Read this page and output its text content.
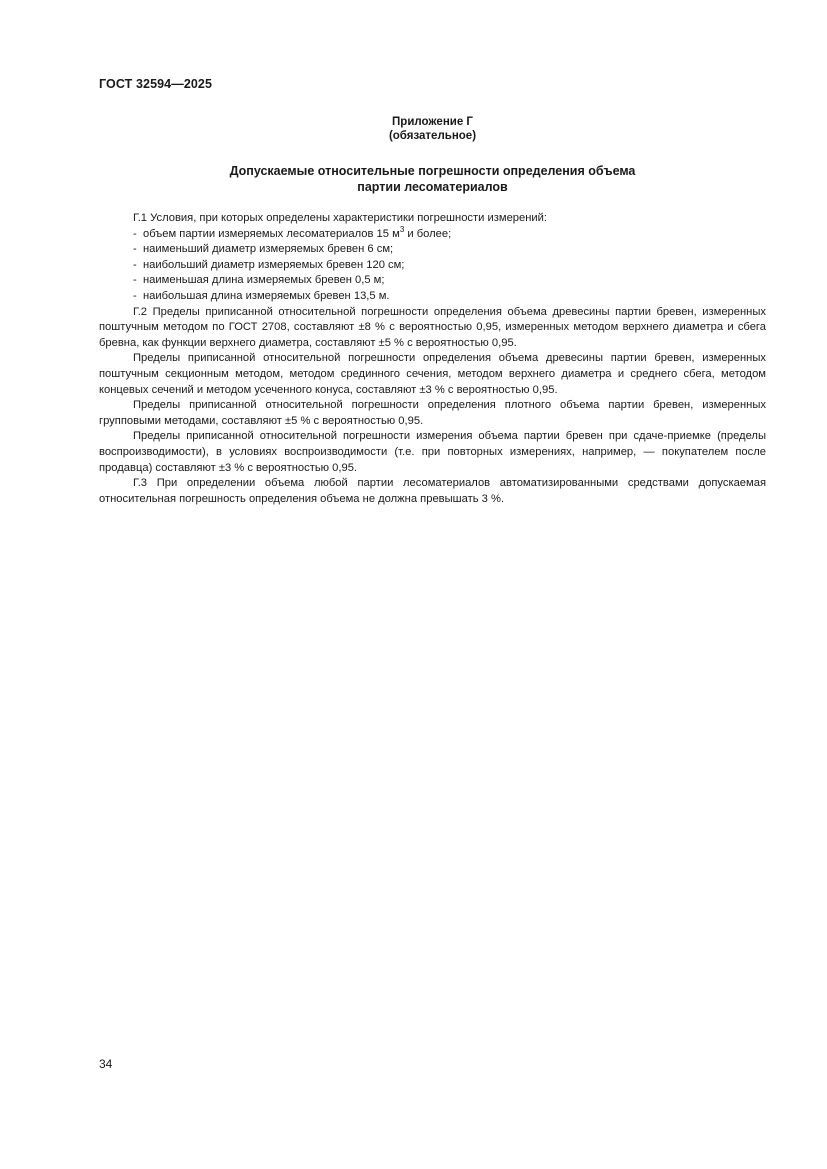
ГОСТ 32594—2025
Приложение Г
(обязательное)
Допускаемые относительные погрешности определения объема
партии лесоматериалов

Г.1 Условия, при которых определены характеристики погрешности измерений:

- объем партии измеряемых лесоматериалов 15 $м^3$ и более;

- наименьший диаметр измеряемых бревен 6 см;

- наибольший диаметр измеряемых бревен 120 см;

- наименьшая длина измеряемых бревен 0,5 м;

- наибольшая длина измеряемых бревен 13,5 м.

Г.2 Пределы приписанной относительной погрешности определения объема древесины партии бревен, измеренных поштучным методом по ГОСТ 2708, составляют ±8 % с вероятностью 0,95, измеренных методом верхнего диаметра и сбега бревна, как функции верхнего диаметра, составляют ±5 % с вероятностью 0,95.

Пределы приписанной относительной погрешности определения объема древесины партии бревен, измеренных поштучным секционным методом, методом срединного сечения, методом верхнего диаметра и среднего сбега, методом концевых сечений и методом усеченного конуса, составляют ±3 % с вероятностью 0,95.

Пределы приписанной относительной погрешности определения плотного объема партии бревен, измеренных групповыми методами, составляют ±5 % с вероятностью 0,95.

Пределы приписанной относительной погрешности измерения объема партии бревен при сдаче-приемке (пределы воспроизводимости), в условиях воспроизводимости (т.е. при повторных измерениях, например, — покупателем после продавца) составляют ±3 % с вероятностью 0,95.

Г.3 При определении объема любой партии лесоматериалов автоматизированными средствами допускаемая относительная погрешность определения объема не должна превышать 3 %.

34
